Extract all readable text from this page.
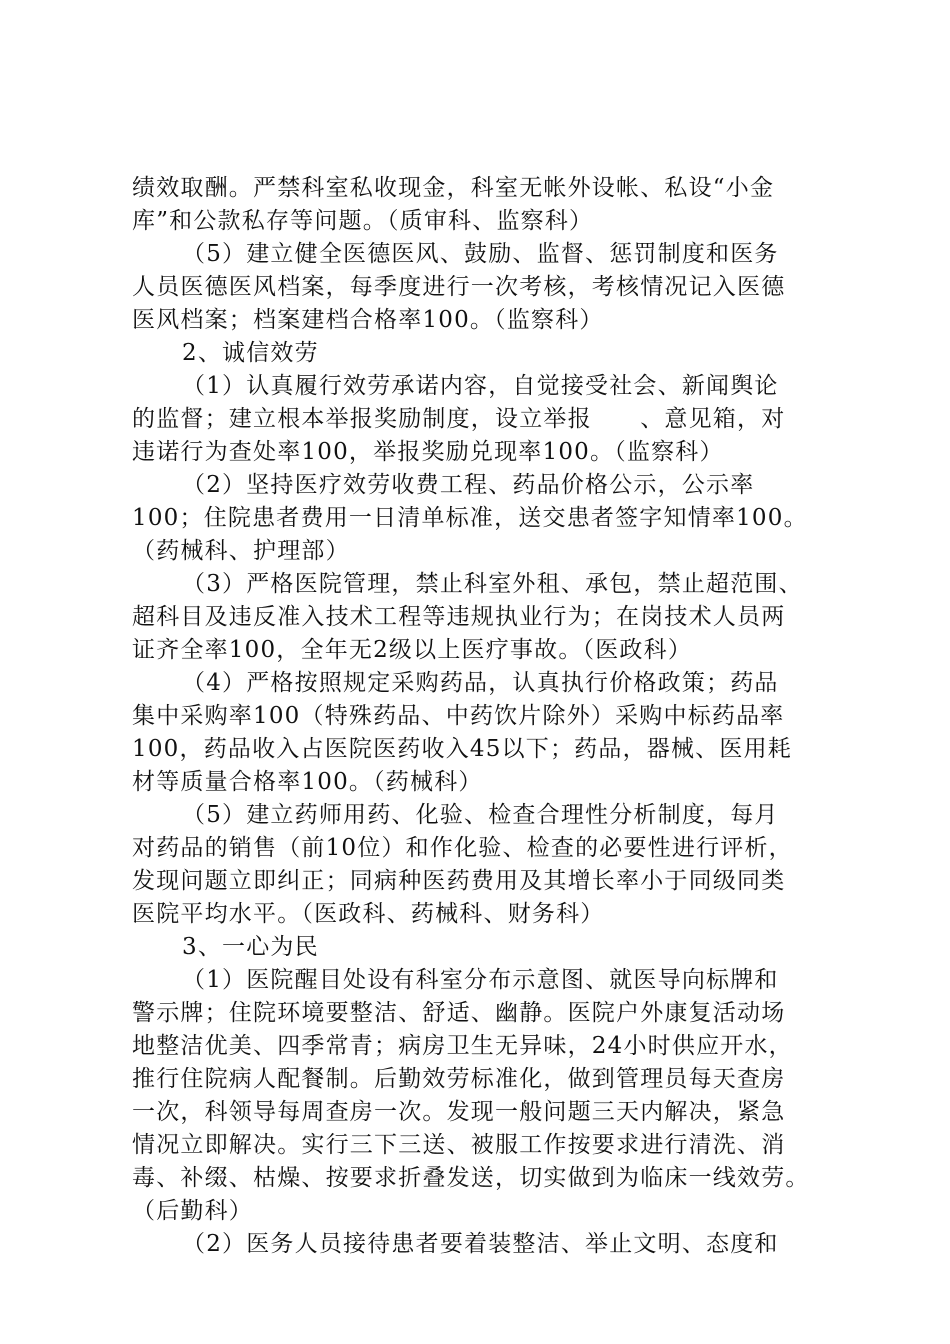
绩效取酬。严禁科室私收现金，科室无帐外设帐、私设“小金
库”和公款私存等问题。（质审科、监察科）
（5）建立健全医德医风、鼓励、监督、惩罚制度和医务
人员医德医风档案，每季度进行一次考核，考核情况记入医德
医风档案；档案建档合格率100。（监察科）
2、诚信效劳
（1）认真履行效劳承诺内容，自觉接受社会、新闻舆论
的监督；建立根本举报奖励制度，设立举报　　、意见箱，对
违诺行为查处率100，举报奖励兑现率100。（监察科）
（2）坚持医疗效劳收费工程、药品价格公示，公示率
100；住院患者费用一日清单标准，送交患者签字知情率100。
（药械科、护理部）
（3）严格医院管理，禁止科室外租、承包，禁止超范围、
超科目及违反准入技术工程等违规执业行为；在岗技术人员两
证齐全率100，全年无2级以上医疗事故。（医政科）
（4）严格按照规定采购药品，认真执行价格政策；药品
集中采购率100（特殊药品、中药饮片除外）采购中标药品率
100，药品收入占医院医药收入45以下；药品，器械、医用耗
材等质量合格率100。（药械科）
（5）建立药师用药、化验、检查合理性分析制度，每月
对药品的销售（前10位）和作化验、检查的必要性进行评析，
发现问题立即纠正；同病种医药费用及其增长率小于同级同类
医院平均水平。（医政科、药械科、财务科）
3、一心为民
（1）医院醒目处设有科室分布示意图、就医导向标牌和
警示牌；住院环境要整洁、舒适、幽静。医院户外康复活动场
地整洁优美、四季常青；病房卫生无异味，24小时供应开水，
推行住院病人配餐制。后勤效劳标准化，做到管理员每天查房
一次，科领导每周查房一次。发现一般问题三天内解决，紧急
情况立即解决。实行三下三送、被服工作按要求进行清洗、消
毒、补缀、枯燥、按要求折叠发送，切实做到为临床一线效劳。
（后勤科）
（2）医务人员接待患者要着装整洁、举止文明、态度和
